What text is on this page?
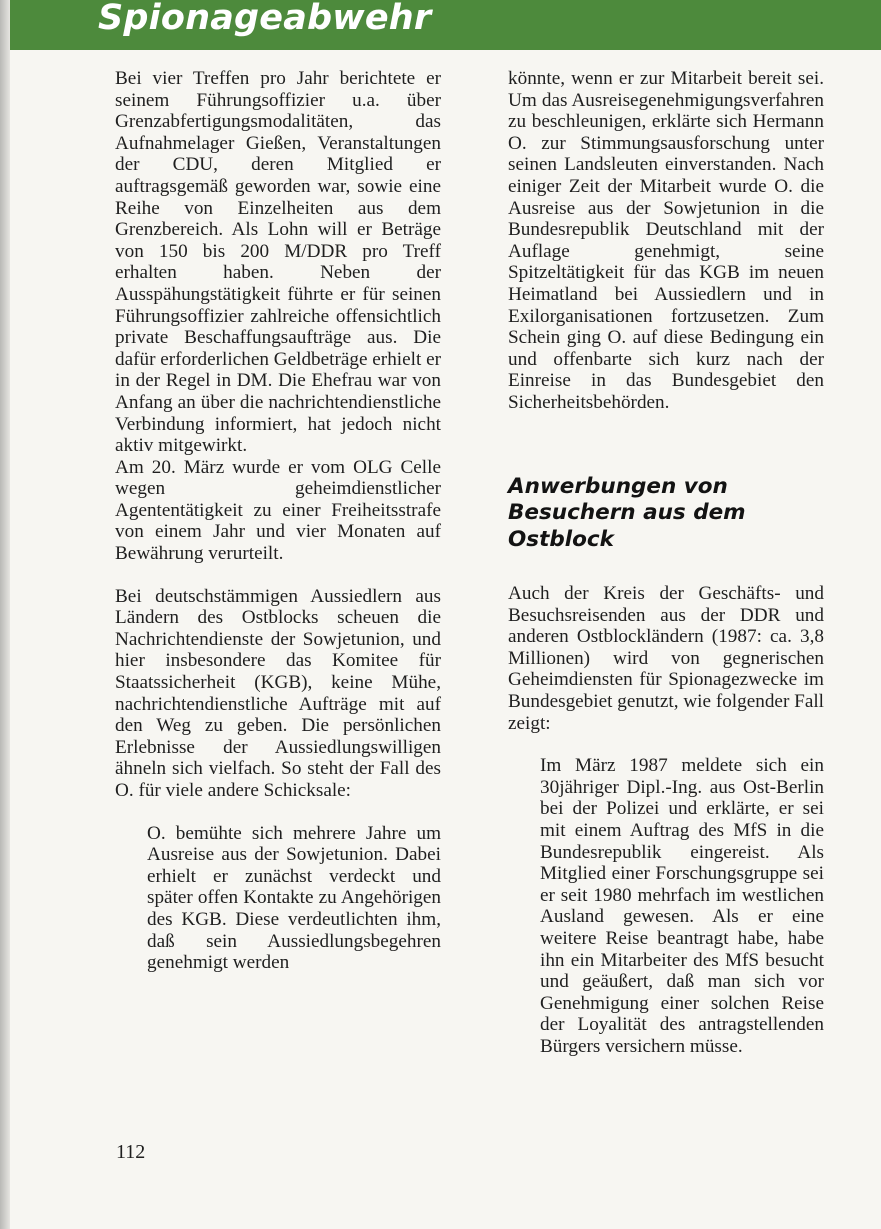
Spionageabwehr

Bei vier Treffen pro Jahr berichtete er seinem Führungsoffizier u.a. über Grenzabfertigungsmodalitäten, das Aufnahmelager Gießen, Veranstaltungen der CDU, deren Mitglied er auftragsgemäß geworden war, sowie eine Reihe von Einzelheiten aus dem Grenzbereich. Als Lohn will er Beträge von 150 bis 200 M/DDR pro Treff erhalten haben. Neben der Ausspähungstätigkeit führte er für seinen Führungsoffizier zahlreiche offensichtlich private Beschaffungsaufträge aus. Die dafür erforderlichen Geldbeträge erhielt er in der Regel in DM. Die Ehefrau war von Anfang an über die nachrichtendienstliche Verbindung informiert, hat jedoch nicht aktiv mitgewirkt.

Am 20. März wurde er vom OLG Celle wegen geheimdienstlicher Agententätigkeit zu einer Freiheitsstrafe von einem Jahr und vier Monaten auf Bewährung verurteilt.

Bei deutschstämmigen Aussiedlern aus Ländern des Ostblocks scheuen die Nachrichtendienste der Sowjetunion, und hier insbesondere das Komitee für Staatssicherheit (KGB), keine Mühe, nachrichtendienstliche Aufträge mit auf den Weg zu geben. Die persönlichen Erlebnisse der Aussiedlungswilligen ähneln sich vielfach. So steht der Fall des O. für viele andere Schicksale:

O. bemühte sich mehrere Jahre um Ausreise aus der Sowjetunion. Dabei erhielt er zunächst verdeckt und später offen Kontakte zu Angehörigen des KGB. Diese verdeutlichten ihm, daß sein Aussiedlungsbegehren genehmigt werden

könnte, wenn er zur Mitarbeit bereit sei. Um das Ausreisegenehmigungsverfahren zu beschleunigen, erklärte sich Hermann O. zur Stimmungsausforschung unter seinen Landsleuten einverstanden. Nach einiger Zeit der Mitarbeit wurde O. die Ausreise aus der Sowjetunion in die Bundesrepublik Deutschland mit der Auflage genehmigt, seine Spitzeltätigkeit für das KGB im neuen Heimatland bei Aussiedlern und in Exilorganisationen fortzusetzen. Zum Schein ging O. auf diese Bedingung ein und offenbarte sich kurz nach der Einreise in das Bundesgebiet den Sicherheitsbehörden.

Anwerbungen von Besuchern aus dem Ostblock

Auch der Kreis der Geschäfts- und Besuchsreisenden aus der DDR und anderen Ostblockländern (1987: ca. 3,8 Millionen) wird von gegnerischen Geheimdiensten für Spionagezwecke im Bundesgebiet genutzt, wie folgender Fall zeigt:

Im März 1987 meldete sich ein 30jähriger Dipl.-Ing. aus Ost-Berlin bei der Polizei und erklärte, er sei mit einem Auftrag des MfS in die Bundesrepublik eingereist. Als Mitglied einer Forschungsgruppe sei er seit 1980 mehrfach im westlichen Ausland gewesen. Als er eine weitere Reise beantragt habe, habe ihn ein Mitarbeiter des MfS besucht und geäußert, daß man sich vor Genehmigung einer solchen Reise der Loyalität des antragstellenden Bürgers versichern müsse.

112
